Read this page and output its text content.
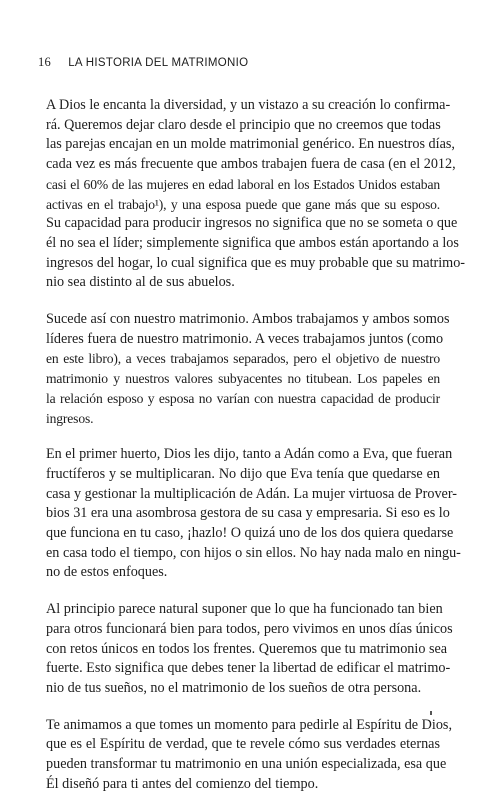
16 LA HISTORIA DEL MATRIMONIO

A Dios le encanta la diversidad, y un vistazo a su creación lo confirma-
rá. Queremos dejar claro desde el principio que no creemos que todas
las parejas encajan en un molde matrimonial genérico. En nuestros días,
cada vez es más frecuente que ambos trabajen fuera de casa (en el 2012,
casi el 60% de las mujeres en edad laboral en los Estados Unidos estaban
activas en el trabajo¹), y una esposa puede que gane más que su esposo.
Su capacidad para producir ingresos no significa que no se someta o que
él no sea el líder; simplemente significa que ambos están aportando a los
ingresos del hogar, lo cual significa que es muy probable que su matrimo-
nio sea distinto al de sus abuelos.

Sucede así con nuestro matrimonio. Ambos trabajamos y ambos somos
líderes fuera de nuestro matrimonio. A veces trabajamos juntos (como
en este libro), a veces trabajamos separados, pero el objetivo de nuestro
matrimonio y nuestros valores subyacentes no titubean. Los papeles en
la relación esposo y esposa no varían con nuestra capacidad de producir
ingresos.

En el primer huerto, Dios les dijo, tanto a Adán como a Eva, que fueran
fructíferos y se multiplicaran. No dijo que Eva tenía que quedarse en
casa y gestionar la multiplicación de Adán. La mujer virtuosa de Prover-
bios 31 era una asombrosa gestora de su casa y empresaria. Si eso es lo
que funciona en tu caso, ¡hazlo! O quizá uno de los dos quiera quedarse
en casa todo el tiempo, con hijos o sin ellos. No hay nada malo en ningu-
no de estos enfoques.

Al principio parece natural suponer que lo que ha funcionado tan bien
para otros funcionará bien para todos, pero vivimos en unos días únicos
con retos únicos en todos los frentes. Queremos que tu matrimonio sea
fuerte. Esto significa que debes tener la libertad de edificar el matrimo-
nio de tus sueños, no el matrimonio de los sueños de otra persona.

Te animamos a que tomes un momento para pedirle al Espíritu de Dios,
que es el Espíritu de verdad, que te revele cómo sus verdades eternas
pueden transformar tu matrimonio en una unión especializada, esa que
Él diseñó para ti antes del comienzo del tiempo.
